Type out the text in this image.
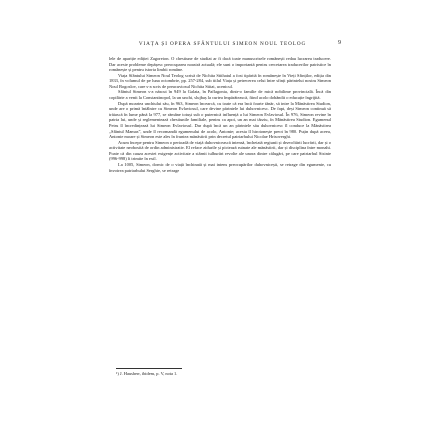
VIAȚA ȘI OPERA SFÂNTULUI SIMEON NOUL TEOLOG	9

lele de apariție ediției Zagoreion. O chestiune de studiat ar fi dacă toate manuscrisele românești redau lucrarea traducere. Dar aceste probleme depășesc preocuparea noastră actuală; ele sunt o importantă pentru cercetarea traducerilor patristice în românește și pentru istoria limbii române.

Viața Sfântului Simeon Noul Teolog scrisă de Nichita Stithatul a fost tipărită în românește în Vieți Sfinților, ediția din 1833, în volumul de pe luna octombrie, pp. 257-284, sub titlul Viața și petrecerea celui între sfinți părintelui nostru Simeon Noul Bogoslov, care s-a scris de preacuviosul Nichita Stitat, ucenicul.

Sfântul Simeon s-a născut în 949 la Galata, în Paflagonia, dintr-o familie de mică nobilime provincială. Încă din copilărie a venit la Constantinopol, la un unchi, slujbaș la curtea împărătească, fiind acolo dobândit o educație îngrijită.

După moartea unchiului său, în 963, Simeon încearcă, cu toate că era încă foarte tânăr, să intre la Mănăstirea Studion, unde are o primă întâlnire cu Simeon Evlaviosul, care devine părintele lui duhovnicesc. De fapt, deși Simeon continuă să trăiască în lume până la 977, se rămâne totuși sub o puternică influență a lui Simeon Evlaviosul. În 976, Simeon revine în patria lui, unde și reglementează chestiunile familiale, pentru ca apoi, un an mai târziu, în Mănăstirea Studion. Egumenul Petru îl încredințează lui Simeon Evlaviosul. Dar după încă un an părintele său duhovnicesc îl conduce la Mănăstirea „Sfântul Mamas”, unde îl recomandă egumenului de acolo, Antonie; acesta îl hirotonește preot în 980. Puțin după aceea, Antonie moare și Simeon este ales în fruntea mănăstirii prin decretul patriarhului Nicolae Hrisoverghi.

Acum începe pentru Simeon o perioadă de viață duhovnicească intensă, încheiată regiunii și dezvoltării lucrării, dar și o activitate neobosită de ordin administrativ. El reface zidurile și pictează ruinate ale mănăstirii, dar și disciplina între monahi. Poate că din cauza acestei exigențe activitate a stârnit tulburări revolte ale unora dintre călugări, pe care patriarhul Sisinie (996-998) îi trimite în exil.

La 1005, Simeon, dornic de o viață închinată și mai intens preocupărilor duhovnicești, se retrage din egumenie, cu învoirea patriarhului Serghie, se retrage

¹) J. Hausherr, ibidem, p. V, nota 1.
